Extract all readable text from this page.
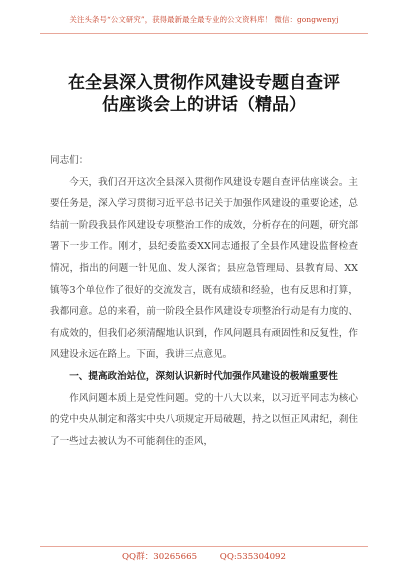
关注头条号“公文研究”，获得最新最全最专业的公文资料库！ 微信：gongwenyj
在全县深入贯彻作风建设专题自查评
估座谈会上的讲话（精品）

同志们：

今天，我们召开这次全县深入贯彻作风建设专题自查评估座谈会。主要任务是，深入学习贯彻习近平总书记关于加强作风建设的重要论述，总结前一阶段我县作风建设专项整治工作的成效，分析存在的问题，研究部署下一步工作。刚才，县纪委监委XX同志通报了全县作风建设监督检查情况，指出的问题一针见血、发人深省；县应急管理局、县教育局、XX镇等3个单位作了很好的交流发言，既有成绩和经验，也有反思和打算，我都同意。总的来看，前一阶段全县作风建设专项整治行动是有力度的、有成效的，但我们必须清醒地认识到，作风问题具有顽固性和反复性，作风建设永远在路上。下面，我讲三点意见。

一、提高政治站位，深刻认识新时代加强作风建设的极端重要性

作风问题本质上是党性问题。党的十八大以来，以习近平同志为核心的党中央从制定和落实中央八项规定开局破题，持之以恒正风肃纪，刹住了一些过去被认为不可能刹住的歪风，

QQ群：30265665	QQ:535304092
